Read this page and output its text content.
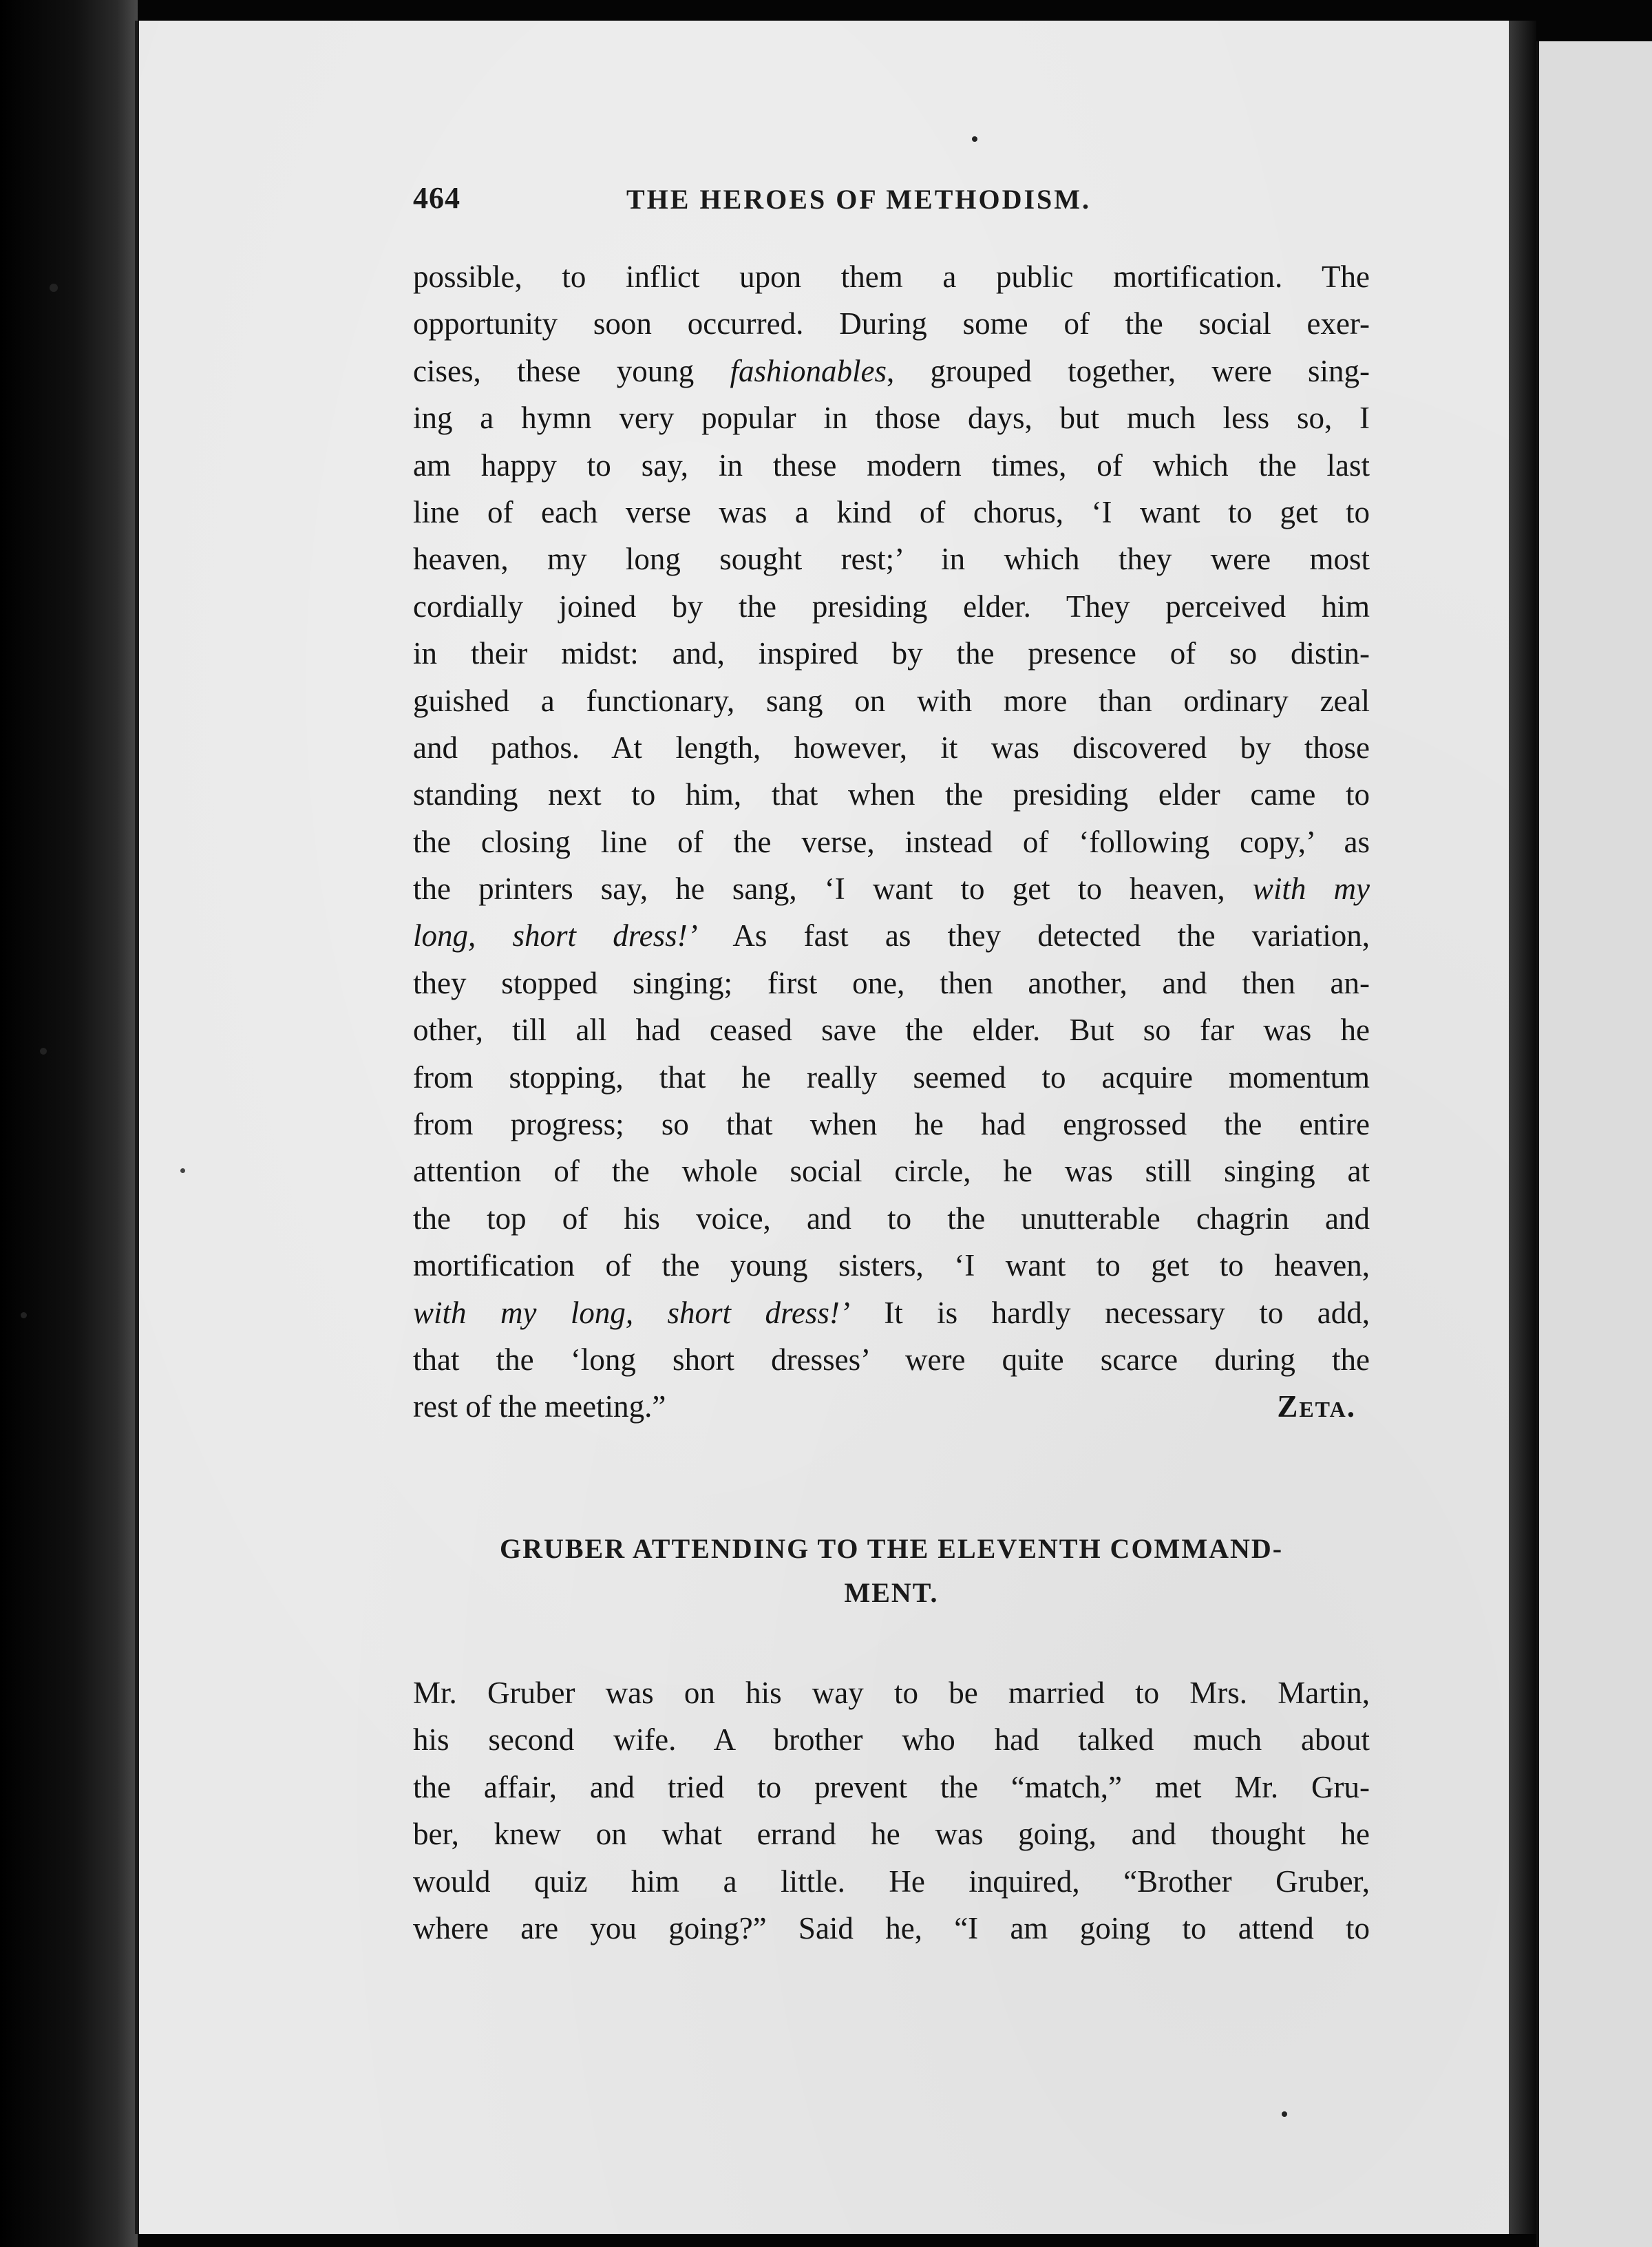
464	THE HEROES OF METHODISM.
possible, to inflict upon them a public mortification. The
opportunity soon occurred. During some of the social exer-
cises, these young fashionables, grouped together, were sing-
ing a hymn very popular in those days, but much less so, I
am happy to say, in these modern times, of which the last
line of each verse was a kind of chorus, ‘I want to get to
heaven, my long sought rest;’ in which they were most
cordially joined by the presiding elder. They perceived him
in their midst: and, inspired by the presence of so distin-
guished a functionary, sang on with more than ordinary zeal
and pathos. At length, however, it was discovered by those
standing next to him, that when the presiding elder came to
the closing line of the verse, instead of ‘following copy,’ as
the printers say, he sang, ‘I want to get to heaven, with my
long, short dress!’ As fast as they detected the variation,
they stopped singing; first one, then another, and then an-
other, till all had ceased save the elder. But so far was he
from stopping, that he really seemed to acquire momentum
from progress; so that when he had engrossed the entire
attention of the whole social circle, he was still singing at
the top of his voice, and to the unutterable chagrin and
mortification of the young sisters, ‘I want to get to heaven,
with my long, short dress!’ It is hardly necessary to add,
that the ‘long short dresses’ were quite scarce during the
rest of the meeting.”	Zeta.
GRUBER ATTENDING TO THE ELEVENTH COMMAND-
MENT.
Mr. Gruber was on his way to be married to Mrs. Martin,
his second wife. A brother who had talked much about
the affair, and tried to prevent the “match,” met Mr. Gru-
ber, knew on what errand he was going, and thought he
would quiz him a little. He inquired, “Brother Gruber,
where are you going?” Said he, “I am going to attend to
